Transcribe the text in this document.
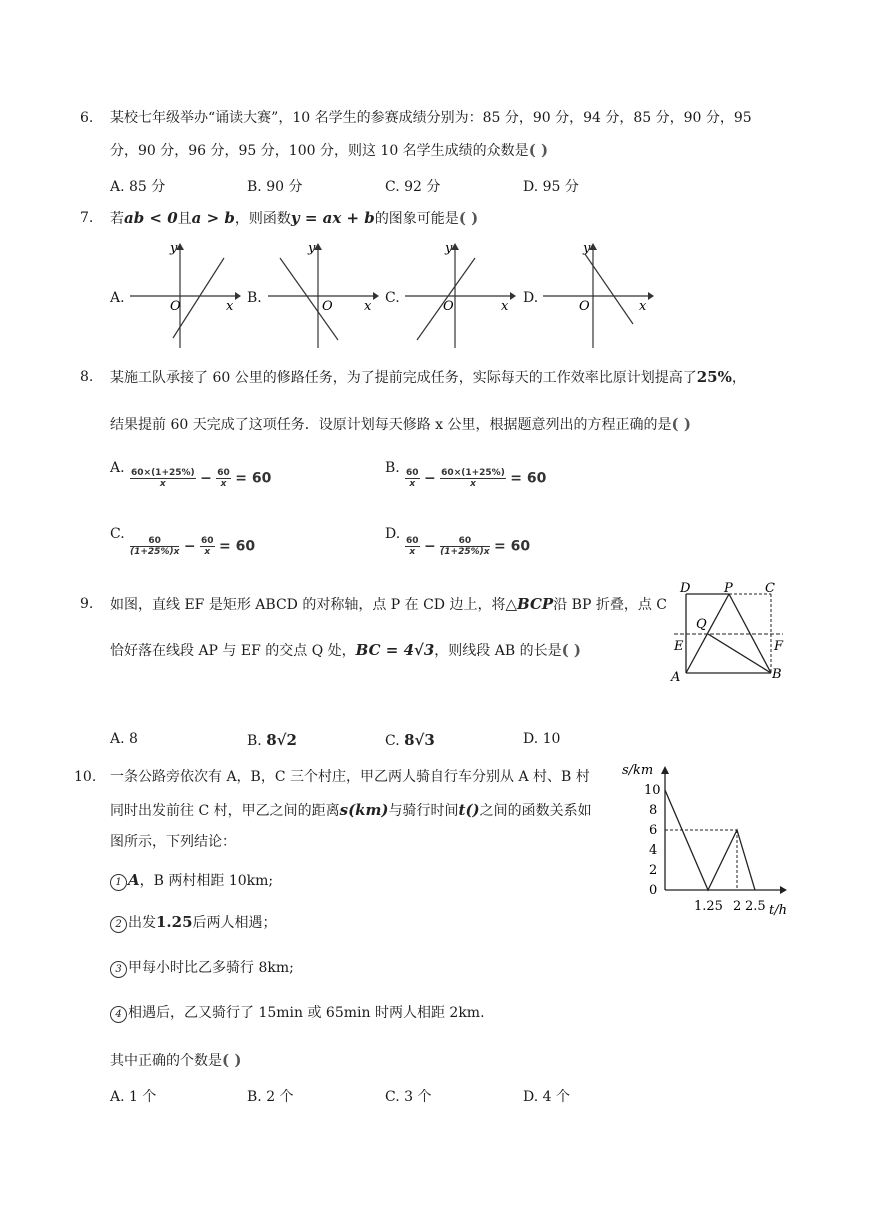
6. 某校七年级举办“诵读大赛”，10 名学生的参赛成绩分别为：85 分，90 分，94 分，85 分，90 分，95
分，90 分，96 分，95 分，100 分，则这 10 名学生成绩的众数是( )
A. 85 分	B. 90 分	C. 92 分	D. 95 分
7. 若ab < 0且a > b，则函数y = ax + b的图象可能是( )
A.
x
y
O
B.
x
y
O
C.
x
y
O
D.
x
y
O
8. 某施工队承接了 60 公里的修路任务，为了提前完成任务，实际每天的工作效率比原计划提高了25%，
结果提前 60 天完成了这项任务．设原计划每天修路 x 公里，根据题意列出的方程正确的是( )
A. $\frac{60\times(1+25\%)}{x} - \frac{60}{x} = 60$
B. $\frac{60}{x} - \frac{60\times(1+25\%)}{x} = 60$
C.
$\frac{60}{(1+25\%)x} - \frac{60}{x} = 60$
D.
$\frac{60}{x} - \frac{60}{(1+25\%)x} = 60$
9. 如图，直线 EF 是矩形 ABCD 的对称轴，点 P 在 CD 边上，将△BCP沿 BP 折叠，点 C
恰好落在线段 AP 与 EF 的交点 Q 处，BC = 4√3，则线段 AB 的长是( )
D	P C
Q
E	F
A	B
A. 8	B. 8√2	C. 8√3	D. 10
10. 一条公路旁依次有 A，B，C 三个村庄，甲乙两人骑自行车分别从 A 村、B 村
同时出发前往 C 村，甲乙之间的距离s(km)与骑行时间t()之间的函数关系如
图所示，下列结论：
1 A，B 两村相距 10km;
2 出发1.25后两人相遇；
3 甲每小时比乙多骑行 8km;
4 相遇后，乙又骑行了 15min 或 65min 时两人相距 2km.
其中正确的个数是( )
A. 1 个	B. 2 个	C. 3 个	D. 4 个
s/km
t/h
10
8
6
4
2
0
1.25 2 2.5
